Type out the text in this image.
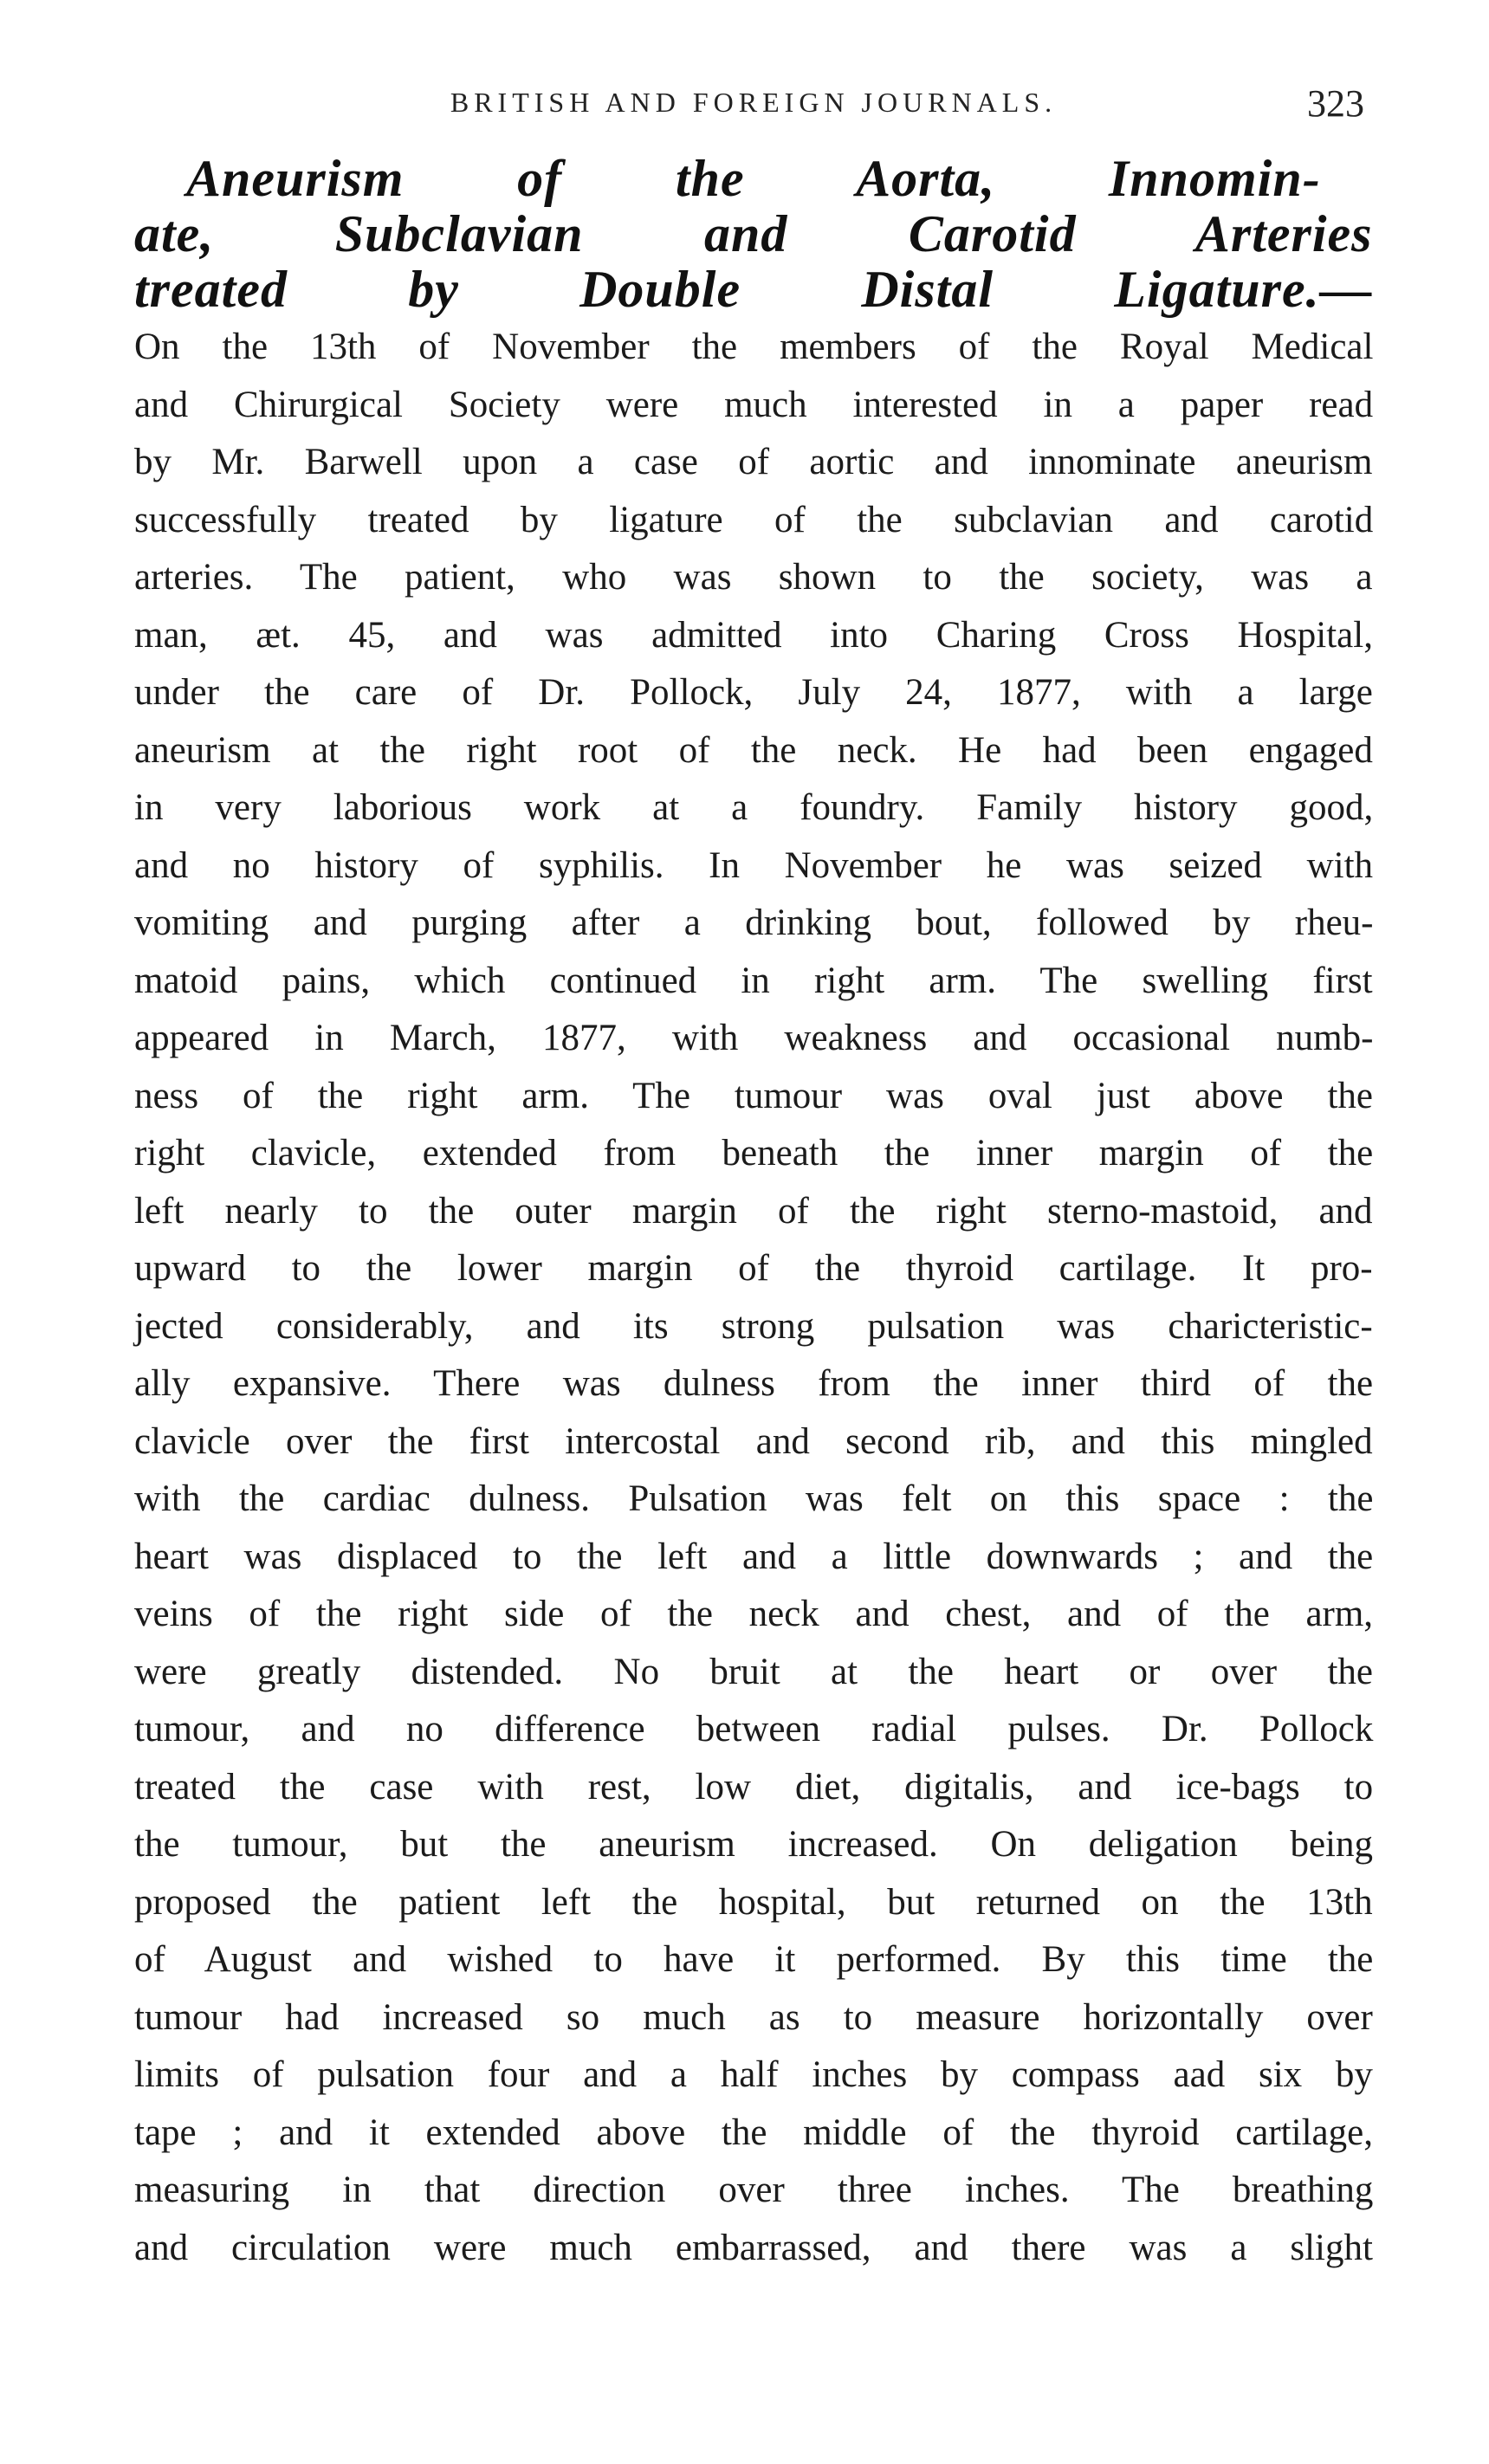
BRITISH AND FOREIGN JOURNALS.	323
Aneurism of the Aorta, Innomin-
ate, Subclavian and Carotid Arteries
treated by Double Distal Ligature.—
On the 13th of November the members of the Royal Medical
and Chirurgical Society were much interested in a paper read
by Mr. Barwell upon a case of aortic and innominate aneurism
successfully treated by ligature of the subclavian and carotid
arteries. The patient, who was shown to the society, was a
man, æt. 45, and was admitted into Charing Cross Hospital,
under the care of Dr. Pollock, July 24, 1877, with a large
aneurism at the right root of the neck. He had been engaged
in very laborious work at a foundry. Family history good,
and no history of syphilis. In November he was seized with
vomiting and purging after a drinking bout, followed by rheu-
matoid pains, which continued in right arm. The swelling first
appeared in March, 1877, with weakness and occasional numb-
ness of the right arm. The tumour was oval just above the
right clavicle, extended from beneath the inner margin of the
left nearly to the outer margin of the right sterno-mastoid, and
upward to the lower margin of the thyroid cartilage. It pro-
jected considerably, and its strong pulsation was charicteristic-
ally expansive. There was dulness from the inner third of the
clavicle over the first intercostal and second rib, and this mingled
with the cardiac dulness. Pulsation was felt on this space : the
heart was displaced to the left and a little downwards ; and the
veins of the right side of the neck and chest, and of the arm,
were greatly distended. No bruit at the heart or over the
tumour, and no difference between radial pulses. Dr. Pollock
treated the case with rest, low diet, digitalis, and ice-bags to
the tumour, but the aneurism increased. On deligation being
proposed the patient left the hospital, but returned on the 13th
of August and wished to have it performed. By this time the
tumour had increased so much as to measure horizontally over
limits of pulsation four and a half inches by compass aad six by
tape ; and it extended above the middle of the thyroid cartilage,
measuring in that direction over three inches. The breathing
and circulation were much embarrassed, and there was a slight
